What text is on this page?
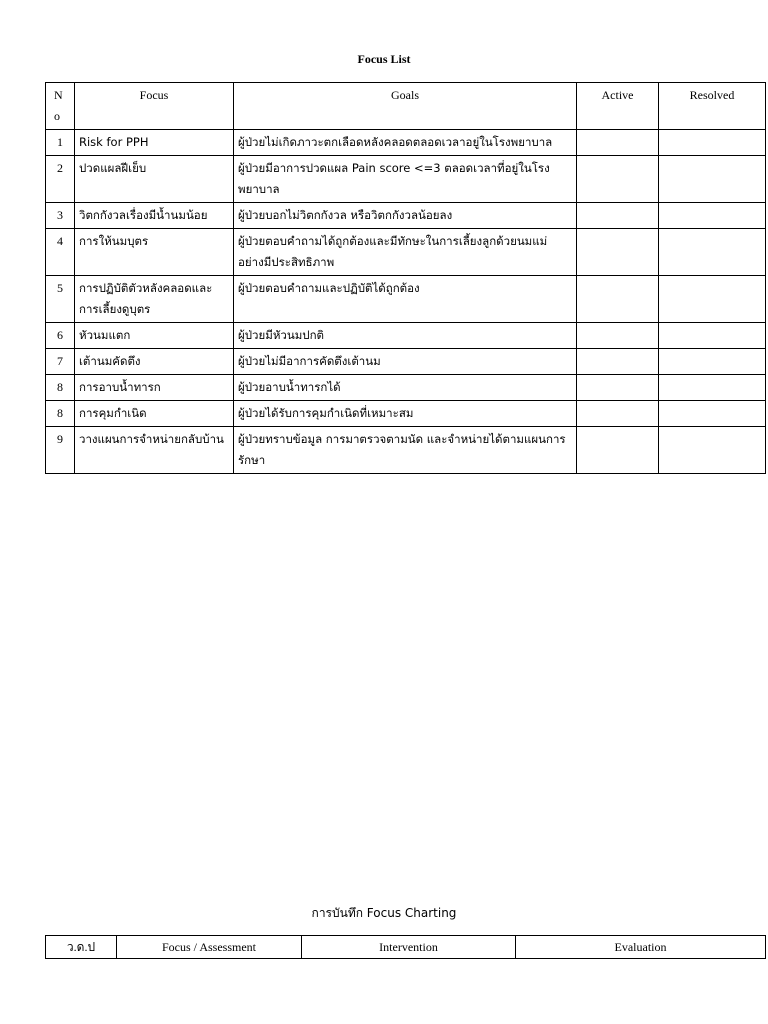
Focus List
No	Focus	Goals	Active	Resolved
1	Risk for PPH	ผู้ป่วยไม่เกิดภาวะตกเลือดหลังคลอดตลอดเวลาอยู่ในโรงพยาบาล		
2	ปวดแผลฝีเย็บ	ผู้ป่วยมีอาการปวดแผล Pain score <=3 ตลอดเวลาที่อยู่ในโรงพยาบาล		
3	วิตกกังวลเรื่องมีน้ำนมน้อย	ผู้ป่วยบอกไม่วิตกกังวล หรือวิตกกังวลน้อยลง		
4	การให้นมบุตร	ผู้ป่วยตอบคำถามได้ถูกต้องและมีทักษะในการเลี้ยงลูกด้วยนมแม่อย่างมีประสิทธิภาพ		
5	การปฏิบัติตัวหลังคลอดและการเลี้ยงดูบุตร	ผู้ป่วยตอบคำถามและปฏิบัติได้ถูกต้อง		
6	หัวนมแตก	ผู้ป่วยมีหัวนมปกติ		
7	เต้านมคัดตึง	ผู้ป่วยไม่มีอาการคัดตึงเต้านม		
8	การอาบน้ำทารก	ผู้ป่วยอาบน้ำทารกได้		
8	การคุมกำเนิด	ผู้ป่วยได้รับการคุมกำเนิดที่เหมาะสม		
9	วางแผนการจำหน่ายกลับบ้าน	ผู้ป่วยทราบข้อมูล การมาตรวจตามนัด และจำหน่ายได้ตามแผนการรักษา		
การบันทึก Focus Charting
ว.ด.ป	Focus / Assessment	Intervention	Evaluation
